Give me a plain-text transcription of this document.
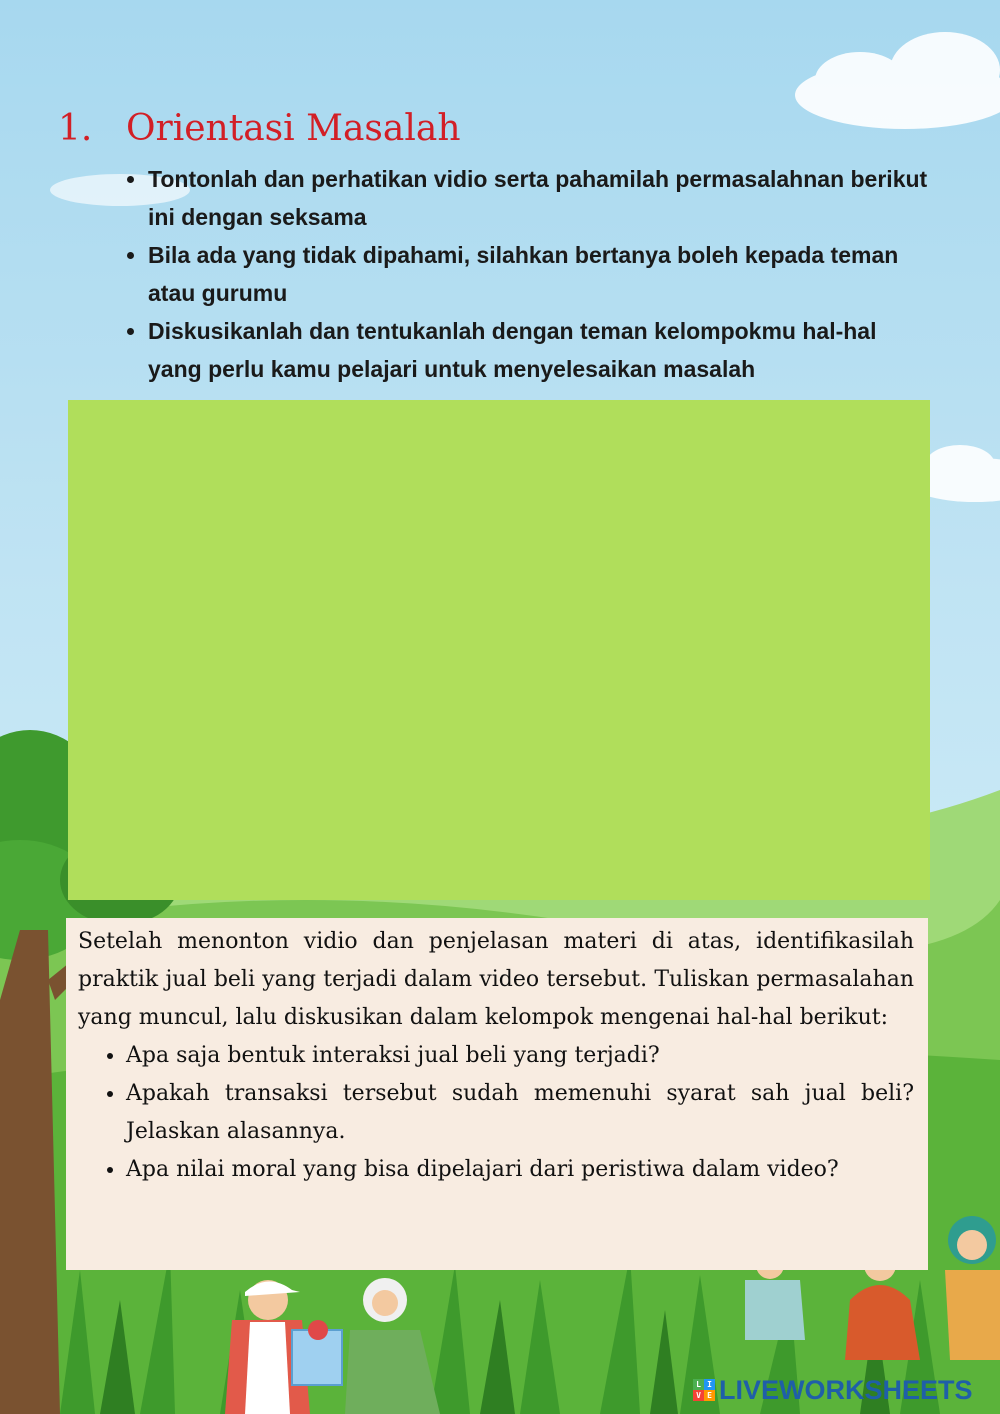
1. Orientasi Masalah
• Tontonlah dan perhatikan vidio serta pahamilah permasalahnan berikut ini dengan seksama
• Bila ada yang tidak dipahami, silahkan bertanya boleh kepada teman atau gurumu
• Diskusikanlah dan tentukanlah dengan teman kelompokmu hal-hal yang perlu kamu pelajari untuk menyelesaikan masalah

Setelah menonton vidio dan penjelasan materi di atas, identifikasilah praktik jual beli yang terjadi dalam video tersebut. Tuliskan permasalahan yang muncul, lalu diskusikan dalam kelompok mengenai hal-hal berikut:

• Apa saja bentuk interaksi jual beli yang terjadi?
• Apakah transaksi tersebut sudah memenuhi syarat sah jual beli? Jelaskan alasannya.
• Apa nilai moral yang bisa dipelajari dari peristiwa dalam video?
L I
V E LIVEWORKSHEETS
